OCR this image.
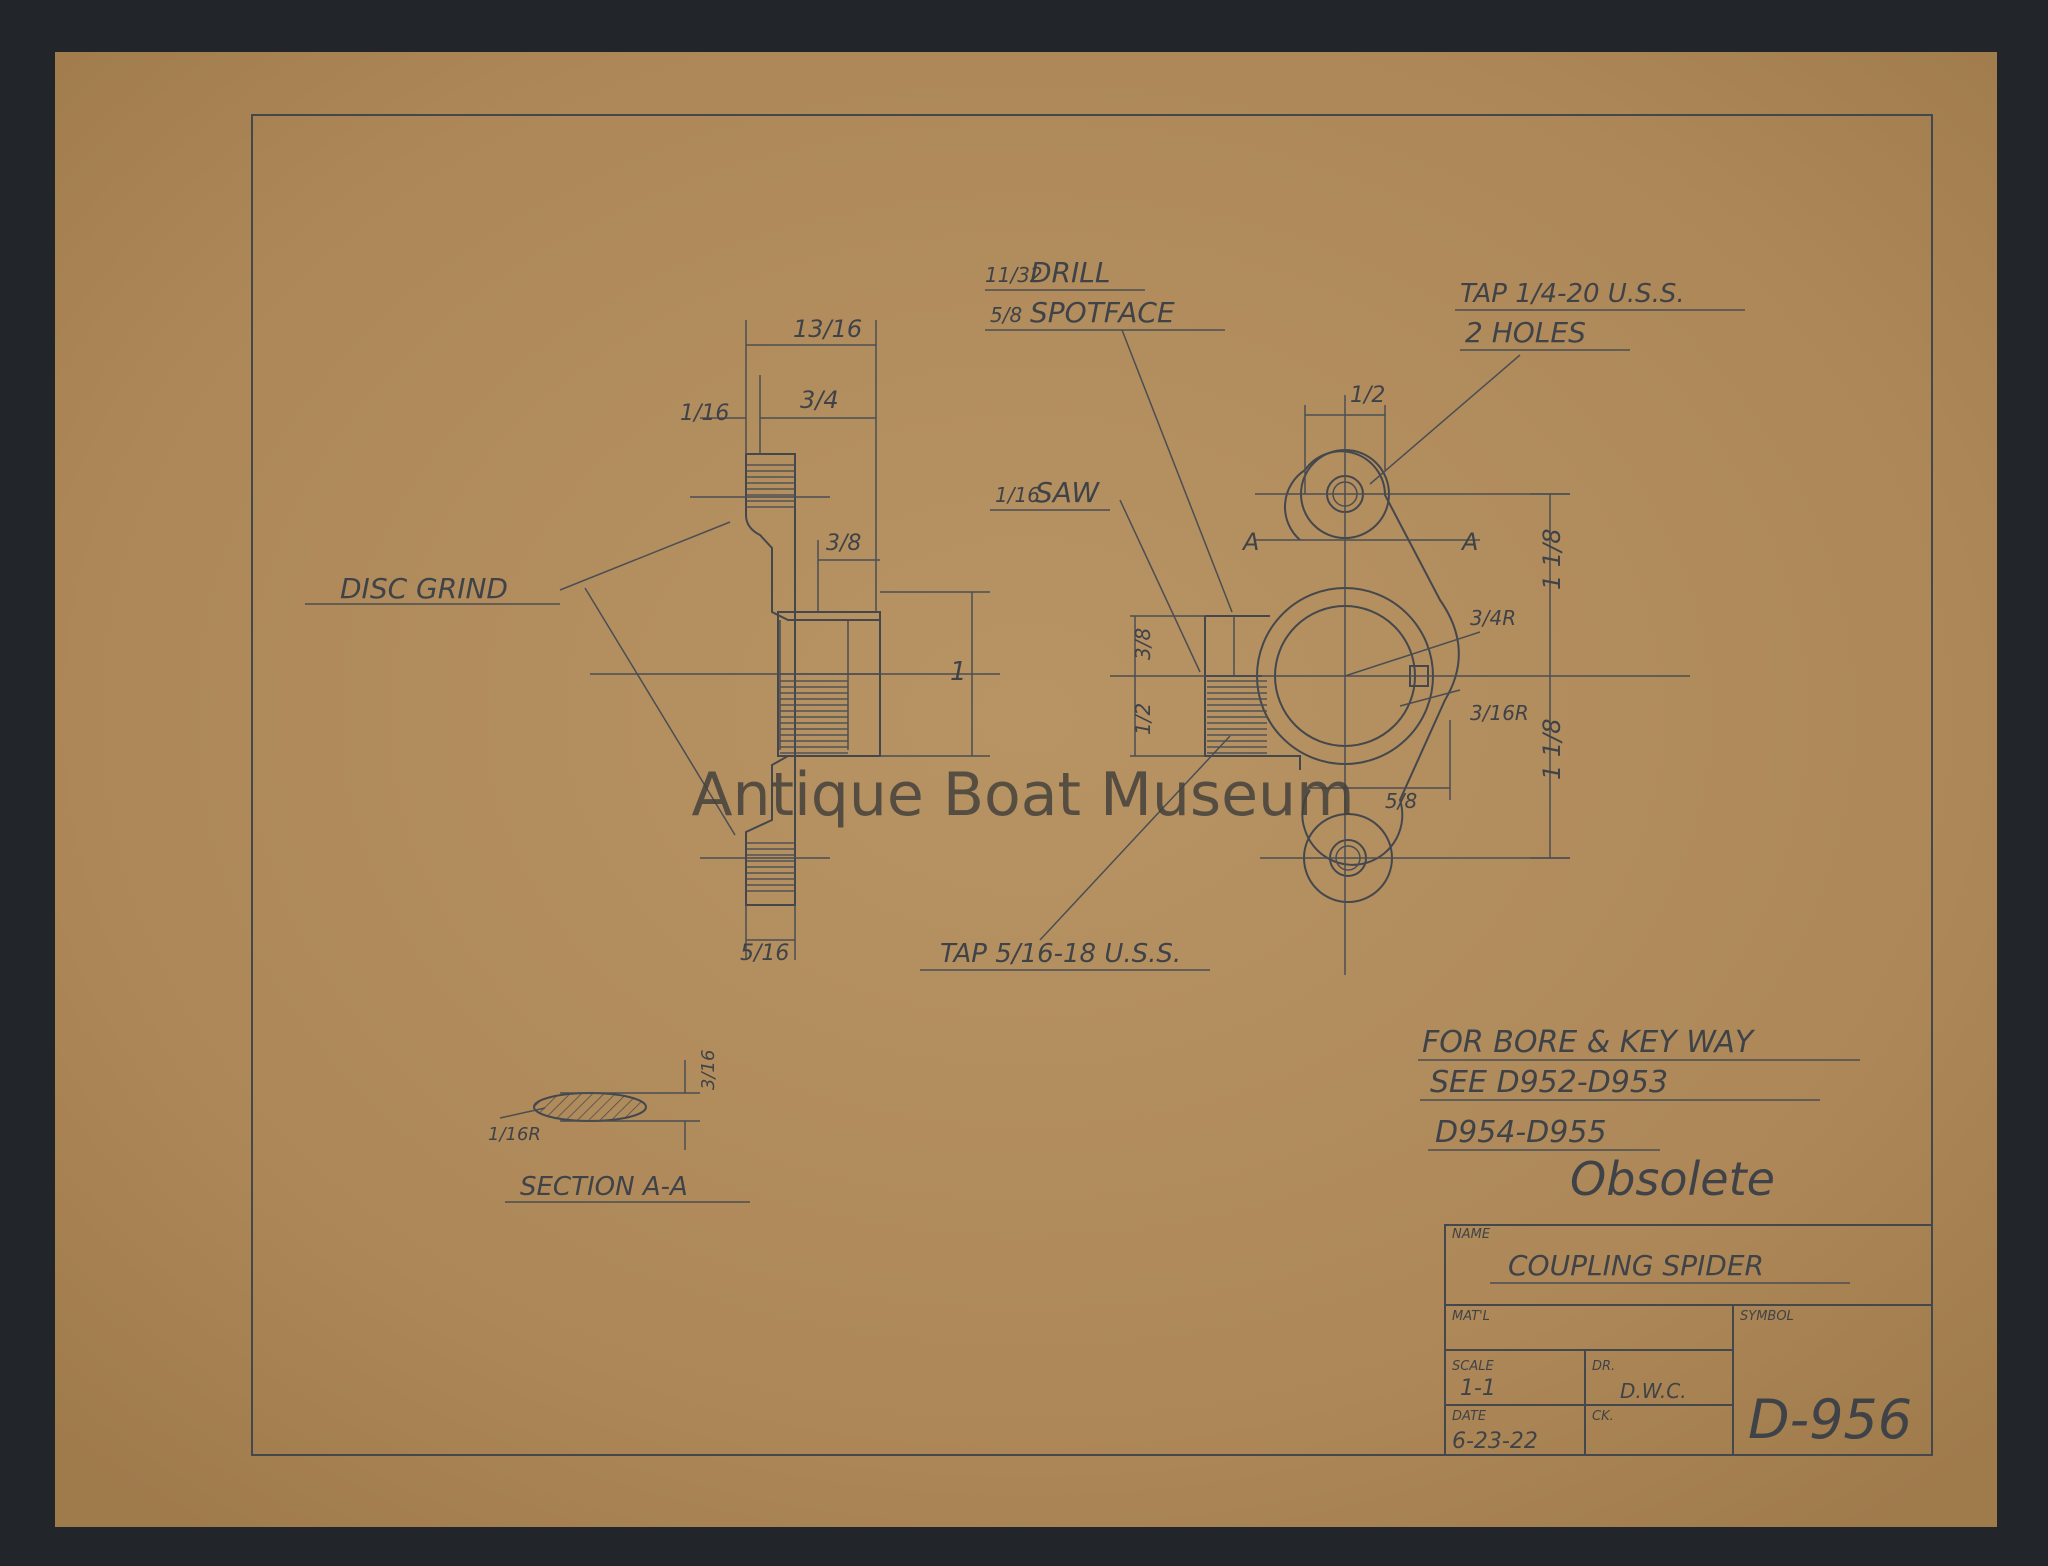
13/16
3/4
1/16
3/8
1
5/16
1/2
A	A 1 1/8
1 1/8
3/4R
3/16R
3/8
1/2
5/8
11/32
DRILL
5/8 SPOTFACE
TAP 1/4-20 U.S.S.
2 HOLES
1/16
SAW
DISC GRIND
TAP 5/16-18 U.S.S.
FOR BORE & KEY WAY
SEE D952-D953
D954-D955
Obsolete
3/16
1/16R
SECTION A-A
NAME
COUPLING SPIDER
MAT'L	SYMBOL
SCALE
1-1
DR.
D.W.C.
DATE
6-23-22
CK. D-956
Antique Boat Museum
